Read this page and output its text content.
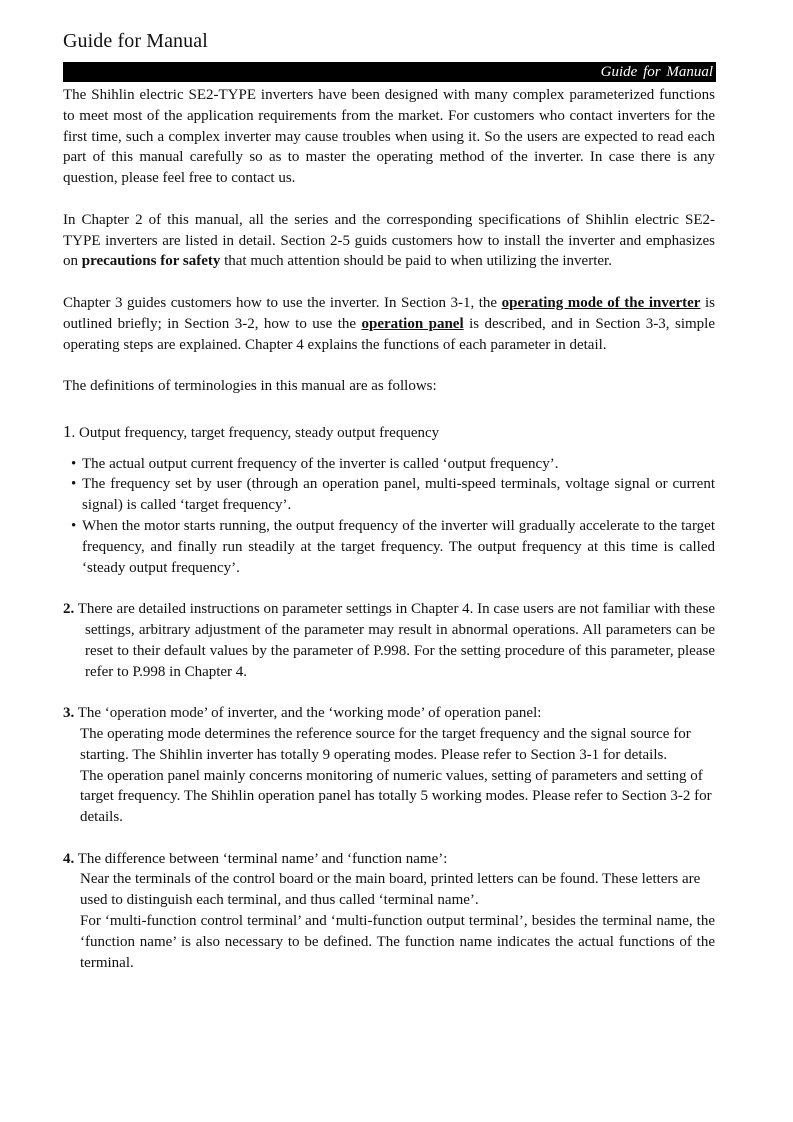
Guide for Manual
Guide for Manual

The Shihlin electric SE2-TYPE inverters have been designed with many complex parameterized functions to meet most of the application requirements from the market. For customers who contact inverters for the first time, such a complex inverter may cause troubles when using it. So the users are expected to read each part of this manual carefully so as to master the operating method of the inverter. In case there is any question, please feel free to contact us.

In Chapter 2 of this manual, all the series and the corresponding specifications of Shihlin electric SE2-TYPE inverters are listed in detail. Section 2-5 guids customers how to install the inverter and emphasizes on precautions for safety that much attention should be paid to when utilizing the inverter.

Chapter 3 guides customers how to use the inverter. In Section 3-1, the operating mode of the inverter is outlined briefly; in Section 3-2, how to use the operation panel is described, and in Section 3-3, simple operating steps are explained. Chapter 4 explains the functions of each parameter in detail.

The definitions of terminologies in this manual are as follows:

1. Output frequency, target frequency, steady output frequency
• The actual output current frequency of the inverter is called ‘output frequency’.
• The frequency set by user (through an operation panel, multi-speed terminals, voltage signal or current signal) is called ‘target frequency’.
• When the motor starts running, the output frequency of the inverter will gradually accelerate to the target frequency, and finally run steadily at the target frequency. The output frequency at this time is called ‘steady output frequency’.

2. There are detailed instructions on parameter settings in Chapter 4. In case users are not familiar with these settings, arbitrary adjustment of the parameter may result in abnormal operations. All parameters can be reset to their default values by the parameter of P.998. For the setting procedure of this parameter, please refer to P.998 in Chapter 4.

3. The ‘operation mode’ of inverter, and the ‘working mode’ of operation panel:
The operating mode determines the reference source for the target frequency and the signal source for starting. The Shihlin inverter has totally 9 operating modes. Please refer to Section 3-1 for details.
The operation panel mainly concerns monitoring of numeric values, setting of parameters and setting of target frequency. The Shihlin operation panel has totally 5 working modes. Please refer to Section 3-2 for details.
4. The difference between ‘terminal name’ and ‘function name’:
Near the terminals of the control board or the main board, printed letters can be found. These letters are used to distinguish each terminal, and thus called ‘terminal name’.
For ‘multi-function control terminal’ and ‘multi-function output terminal’, besides the terminal name, the ‘function name’ is also necessary to be defined. The function name indicates the actual functions of the terminal.
